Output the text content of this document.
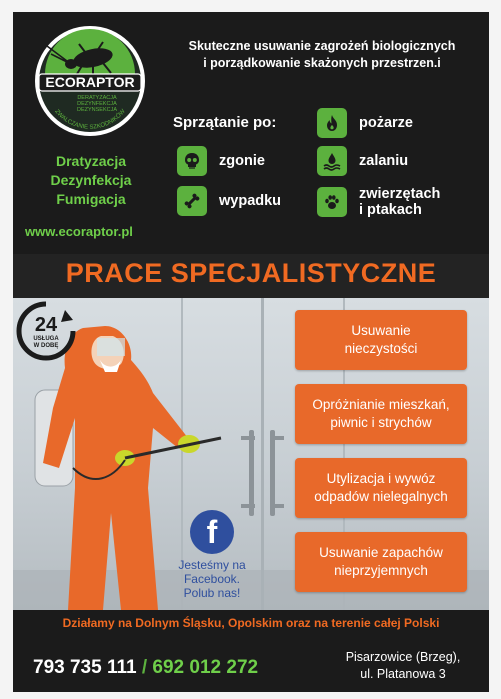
ECORAPTOR
DERATYZACJA
DEZYNFEKCJA
DEZYNSEKCJA
ZWALCZANIE SZKODNIKÓW
Dratyzacja
Dezynfekcja
Fumigacja
www.ecoraptor.pl
Skuteczne usuwanie zagrożeń biologicznych
i porządkowanie skażonych przestrzen.i
Sprzątanie po:
zgonie
wypadku
pożarze
zalaniu
zwierzętach
i ptakach
PRACE SPECJALISTYCZNE
24
USŁUGA
W DOBĘ
Usuwanie
nieczystości
Opróżnianie mieszkań,
piwnic i strychów
Utylizacja i wywóz
odpadów nielegalnych
Usuwanie zapachów
nieprzyjemnych
f
Jesteśmy na
Facebook.
Polub nas!
Działamy na Dolnym Śląsku, Opolskim oraz na terenie całej Polski
793 735 111 / 692 012 272	Pisarzowice (Brzeg),
ul. Platanowa 3
